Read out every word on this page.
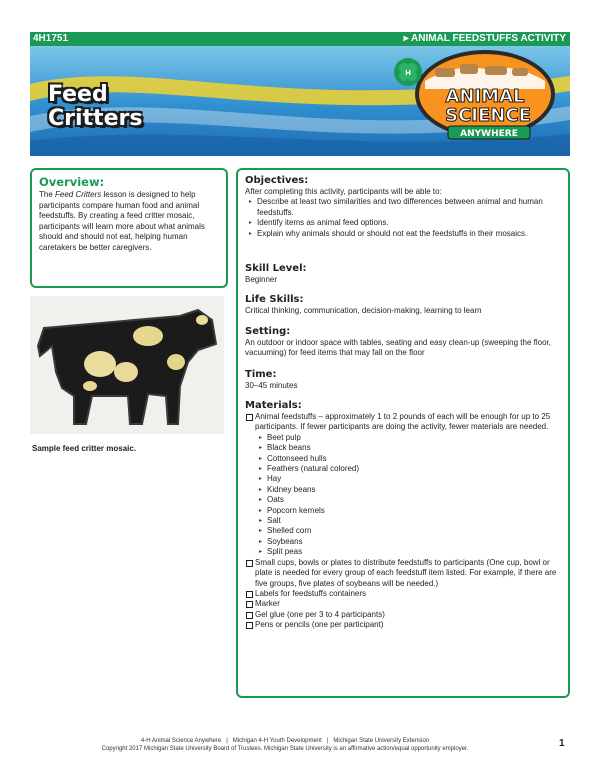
4H1751	▸ ANIMAL FEEDSTUFFS ACTIVITY
ANIMAL
SCIENCE
ANYWHERE
H
Feed
Critters
Overview:
The Feed Critters lesson is designed to help participants compare human food and animal feedstuffs. By creating a feed critter mosaic, participants will learn more about what animals should and should not eat, helping human caretakers be better caregivers.
Sample feed critter mosaic.
Objectives:

After completing this activity, participants will be able to:

▸ Describe at least two similarities and two differences between animal and human feedstuffs.
▸ Identify items as animal feed options.
▸ Explain why animals should or should not eat the feedstuffs in their mosaics.
Skill Level:

Beginner

Life Skills:

Critical thinking, communication, decision-making, learning to learn

Setting:

An outdoor or indoor space with tables, seating and easy clean-up (sweeping the floor, vacuuming) for feed items that may fall on the floor

Time:

30–45 minutes

Materials:
Animal feedstuffs – approximately 1 to 2 pounds of each will be enough for up to 25 participants. If fewer participants are doing the activity, fewer materials are needed.
▸ Beet pulp
▸ Black beans
▸ Cottonseed hulls
▸ Feathers (natural colored)
▸ Hay
▸ Kidney beans
▸ Oats
▸ Popcorn kernels
▸ Salt
▸ Shelled corn
▸ Soybeans
▸ Split peas
Small cups, bowls or plates to distribute feedstuffs to participants (One cup, bowl or plate is needed for every group of each feedstuff item listed. For example, if there are five groups, five plates of soybeans will be needed.)
Labels for feedstuffs containers
Marker
Gel glue (one per 3 to 4 participants)
Pens or pencils (one per participant)
4-H Animal Science Anywhere   |   Michigan 4-H Youth Development   |   Michigan State University Extension
Copyright 2017 Michigan State University Board of Trustees. Michigan State University is an affirmative action/equal opportunity employer.	1
